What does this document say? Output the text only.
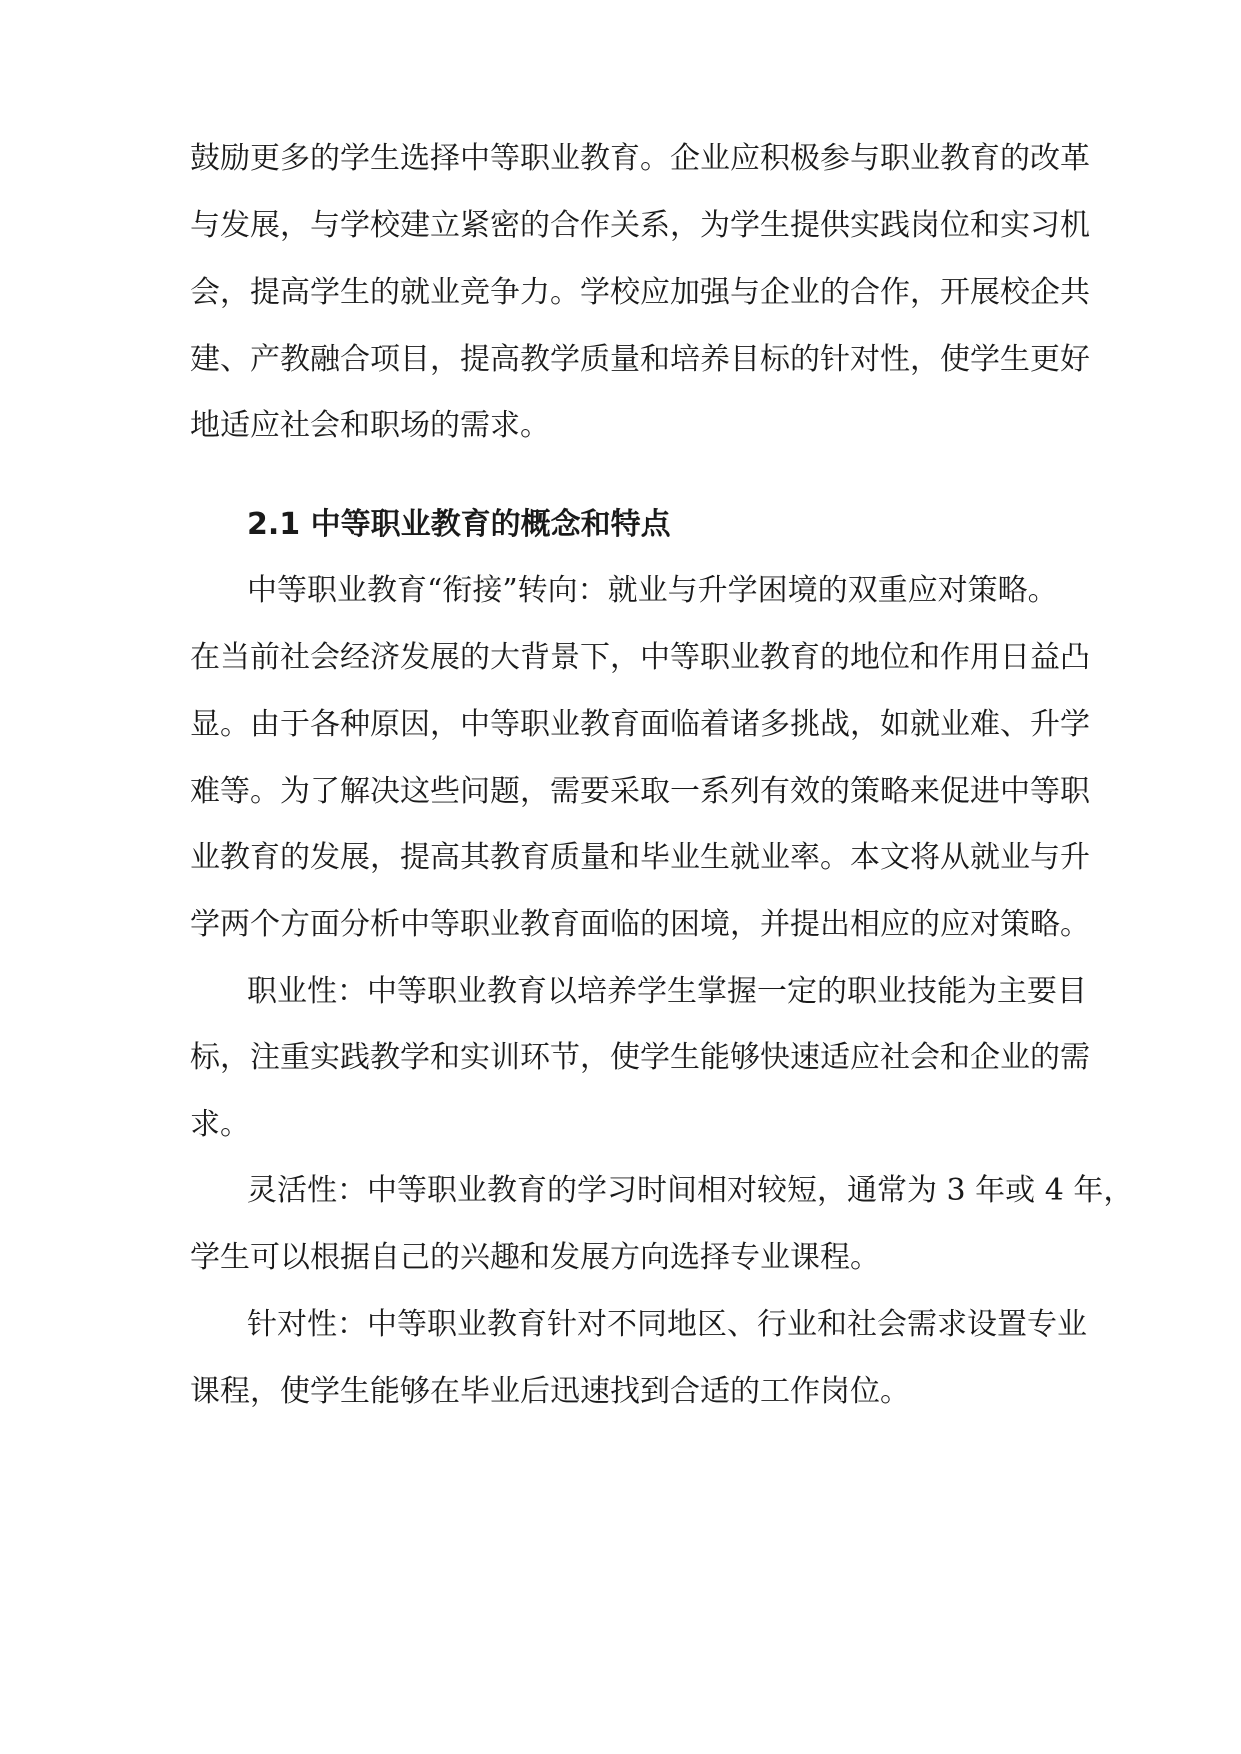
鼓励更多的学生选择中等职业教育。企业应积极参与职业教育的改革
与发展，与学校建立紧密的合作关系，为学生提供实践岗位和实习机
会，提高学生的就业竞争力。学校应加强与企业的合作，开展校企共
建、产教融合项目，提高教学质量和培养目标的针对性，使学生更好
地适应社会和职场的需求。
2.1 中等职业教育的概念和特点
中等职业教育“衔接”转向：就业与升学困境的双重应对策略。
在当前社会经济发展的大背景下，中等职业教育的地位和作用日益凸
显。由于各种原因，中等职业教育面临着诸多挑战，如就业难、升学
难等。为了解决这些问题，需要采取一系列有效的策略来促进中等职
业教育的发展，提高其教育质量和毕业生就业率。本文将从就业与升
学两个方面分析中等职业教育面临的困境，并提出相应的应对策略。
职业性：中等职业教育以培养学生掌握一定的职业技能为主要目
标，注重实践教学和实训环节，使学生能够快速适应社会和企业的需
求。
灵活性：中等职业教育的学习时间相对较短，通常为 3 年或 4 年，
学生可以根据自己的兴趣和发展方向选择专业课程。
针对性：中等职业教育针对不同地区、行业和社会需求设置专业
课程，使学生能够在毕业后迅速找到合适的工作岗位。
